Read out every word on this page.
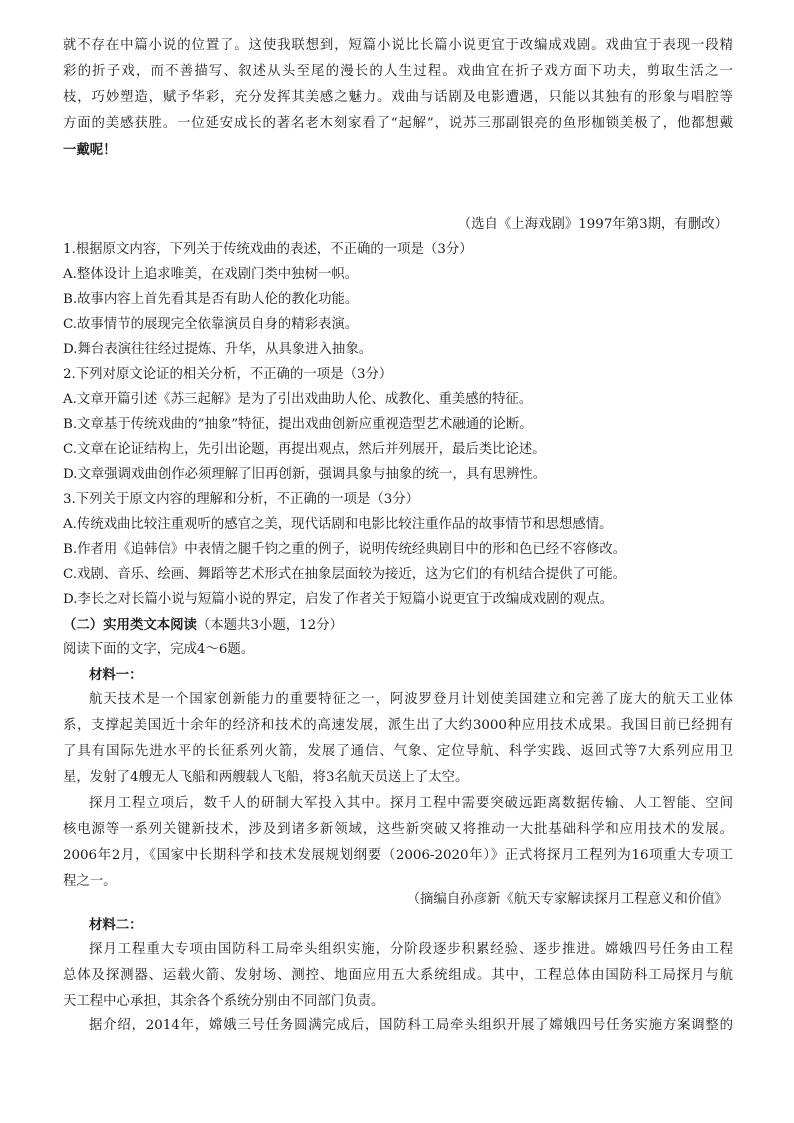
就不存在中篇小说的位置了。这使我联想到，短篇小说比长篇小说更宜于改编成戏剧。戏曲宜于表现一段精
彩的折子戏，而不善描写、叙述从头至尾的漫长的人生过程。戏曲宜在折子戏方面下功夫，剪取生活之一
枝，巧妙塑造，赋予华彩，充分发挥其美感之魅力。戏曲与话剧及电影遭遇，只能以其独有的形象与唱腔等
方面的美感获胜。一位延安成长的著名老木刻家看了“起解”，说苏三那副银亮的鱼形枷锁美极了，他都想戴
一戴呢！
（选自《上海戏剧》1997年第3期，有删改）
1.根据原文内容，下列关于传统戏曲的表述，不正确的一项是（3分）
A.整体设计上追求唯美，在戏剧门类中独树一帜。
B.故事内容上首先看其是否有助人伦的教化功能。
C.故事情节的展现完全依靠演员自身的精彩表演。
D.舞台表演往往经过提炼、升华，从具象进入抽象。
2.下列对原文论证的相关分析，不正确的一项是（3分）
A.文章开篇引述《苏三起解》是为了引出戏曲助人伦、成教化、重美感的特征。
B.文章基于传统戏曲的“抽象”特征，提出戏曲创新应重视造型艺术融通的论断。
C.文章在论证结构上，先引出论题，再提出观点，然后并列展开，最后类比论述。
D.文章强调戏曲创作必须理解了旧再创新，强调具象与抽象的统一，具有思辨性。
3.下列关于原文内容的理解和分析，不正确的一项是（3分）
A.传统戏曲比较注重观听的感官之美，现代话剧和电影比较注重作品的故事情节和思想感情。
B.作者用《追韩信》中表情之腿千钧之重的例子，说明传统经典剧目中的形和色已经不容修改。
C.戏剧、音乐、绘画、舞蹈等艺术形式在抽象层面较为接近，这为它们的有机结合提供了可能。
D.李长之对长篇小说与短篇小说的界定，启发了作者关于短篇小说更宜于改编成戏剧的观点。
（二）实用类文本阅读（本题共3小题，12分）
阅读下面的文字，完成4～6题。
材料一：
航天技术是一个国家创新能力的重要特征之一，阿波罗登月计划使美国建立和完善了庞大的航天工业体
系，支撑起美国近十余年的经济和技术的高速发展，派生出了大约3000种应用技术成果。我国目前已经拥有
了具有国际先进水平的长征系列火箭，发展了通信、气象、定位导航、科学实践、返回式等7大系列应用卫
星，发射了4艘无人飞船和两艘载人飞船，将3名航天员送上了太空。
探月工程立项后，数千人的研制大军投入其中。探月工程中需要突破远距离数据传输、人工智能、空间
核电源等一系列关键新技术，涉及到诸多新领域，这些新突破又将推动一大批基础科学和应用技术的发展。
2006年2月，《国家中长期科学和技术发展规划纲要（2006-2020年）》正式将探月工程列为16项重大专项工
程之一。
（摘编自孙彦新《航天专家解读探月工程意义和价值》
材料二：
探月工程重大专项由国防科工局牵头组织实施，分阶段逐步积累经验、逐步推进。嫦娥四号任务由工程
总体及探测器、运载火箭、发射场、测控、地面应用五大系统组成。其中，工程总体由国防科工局探月与航
天工程中心承担，其余各个系统分别由不同部门负责。
据介绍，2014年，嫦娥三号任务圆满完成后，国防科工局牵头组织开展了嫦娥四号任务实施方案调整的
